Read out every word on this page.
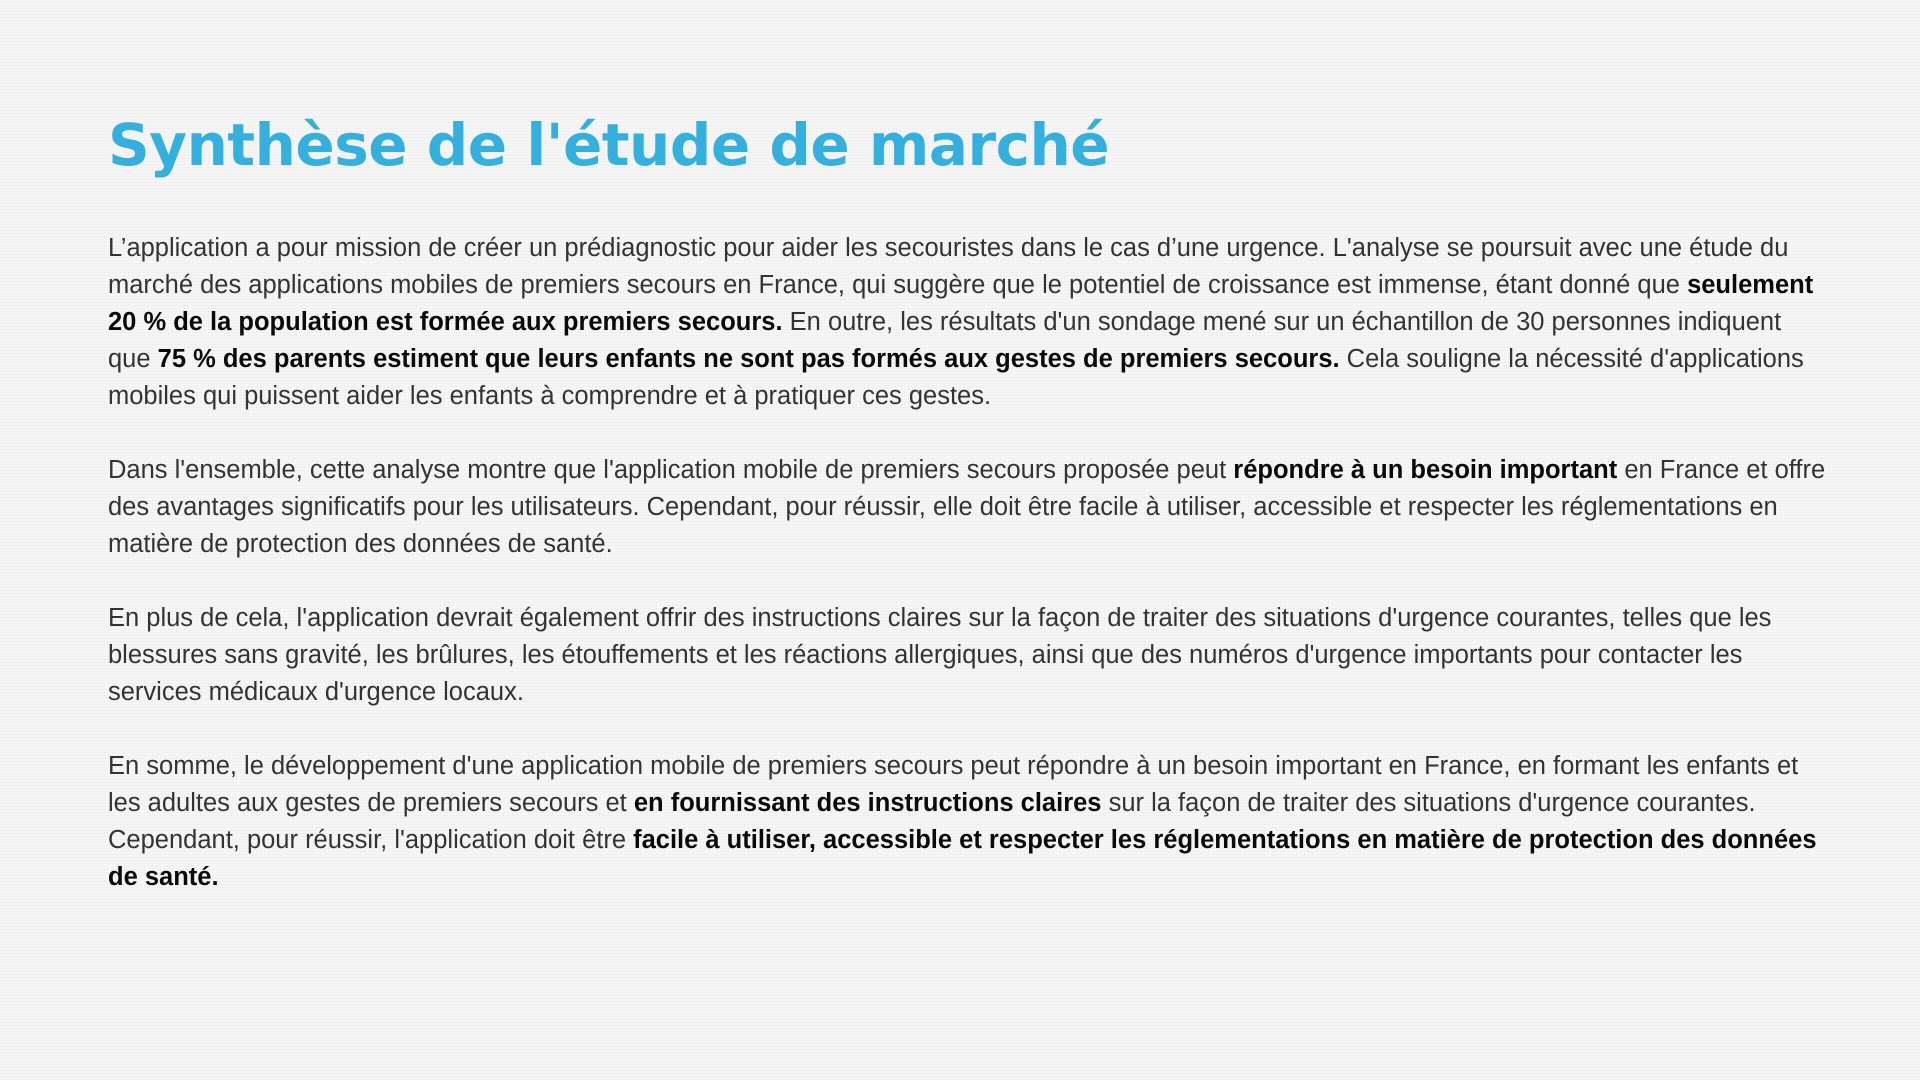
Synthèse de l'étude de marché

L’application a pour mission de créer un prédiagnostic pour aider les secouristes dans le cas d’une urgence. L'analyse se poursuit avec une étude du marché des applications mobiles de premiers secours en France, qui suggère que le potentiel de croissance est immense, étant donné que seulement 20 % de la population est formée aux premiers secours. En outre, les résultats d'un sondage mené sur un échantillon de 30 personnes indiquent que 75 % des parents estiment que leurs enfants ne sont pas formés aux gestes de premiers secours. Cela souligne la nécessité d'applications mobiles qui puissent aider les enfants à comprendre et à pratiquer ces gestes.

Dans l'ensemble, cette analyse montre que l'application mobile de premiers secours proposée peut répondre à un besoin important en France et offre des avantages significatifs pour les utilisateurs. Cependant, pour réussir, elle doit être facile à utiliser, accessible et respecter les réglementations en matière de protection des données de santé.

En plus de cela, l'application devrait également offrir des instructions claires sur la façon de traiter des situations d'urgence courantes, telles que les blessures sans gravité, les brûlures, les étouffements et les réactions allergiques, ainsi que des numéros d'urgence importants pour contacter les services médicaux d'urgence locaux.

En somme, le développement d'une application mobile de premiers secours peut répondre à un besoin important en France, en formant les enfants et les adultes aux gestes de premiers secours et en fournissant des instructions claires sur la façon de traiter des situations d'urgence courantes. Cependant, pour réussir, l'application doit être facile à utiliser, accessible et respecter les réglementations en matière de protection des données de santé.
